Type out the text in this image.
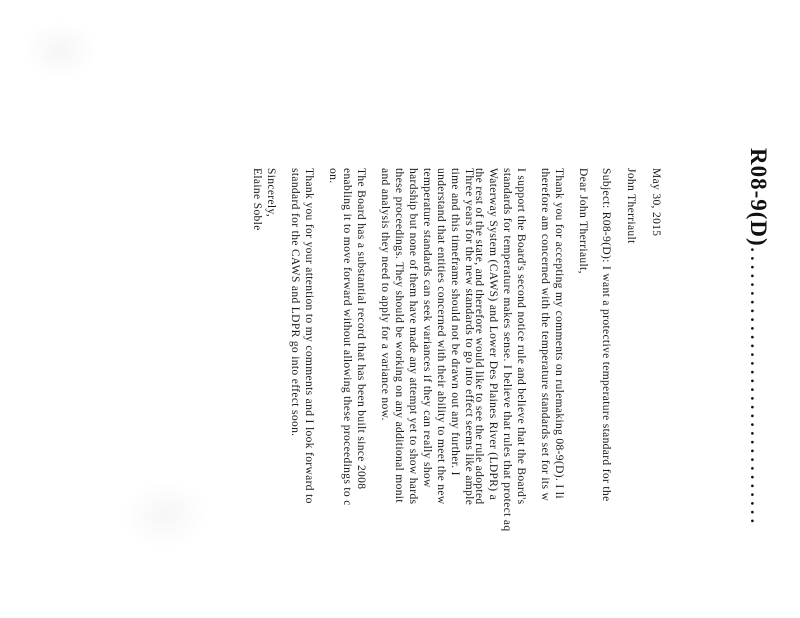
R08-9(D)................................
May 30, 2015
John Therriault
Subject: R08-9(D): I want a protective temperature standard for the
Dear John Therriault,
Thank you for accepting my comments on rulemaking 08-9(D). I li
therefore am concerned with the temperature standards set for its w
I support the Board's second notice rule and believe that the Board's
standards for temperature makes sense. I believe that rules that protect aq
Waterway System (CAWS) and Lower Des Plaines River (LDPR) a
the rest of the state, and therefore would like to see the rule adopted
Three years for the new standards to go into effect seems like ample
time and this timeframe should not be drawn out any further. I
understand that entities concerned with their ability to meet the new
temperature standards can seek variances if they can really show
hardship but none of them have made any attempt yet to show hards
these proceedings. They should be working on any additional monit
and analysis they need to apply for a variance now.
The Board has a substantial record that has been built since 2008
enabling it to move forward without allowing these proceedings to c
on.
Thank you for your attention to my comments and I look forward to
standard for the CAWS and LDPR go into effect soon.
Sincerely,
Elaine Soble
